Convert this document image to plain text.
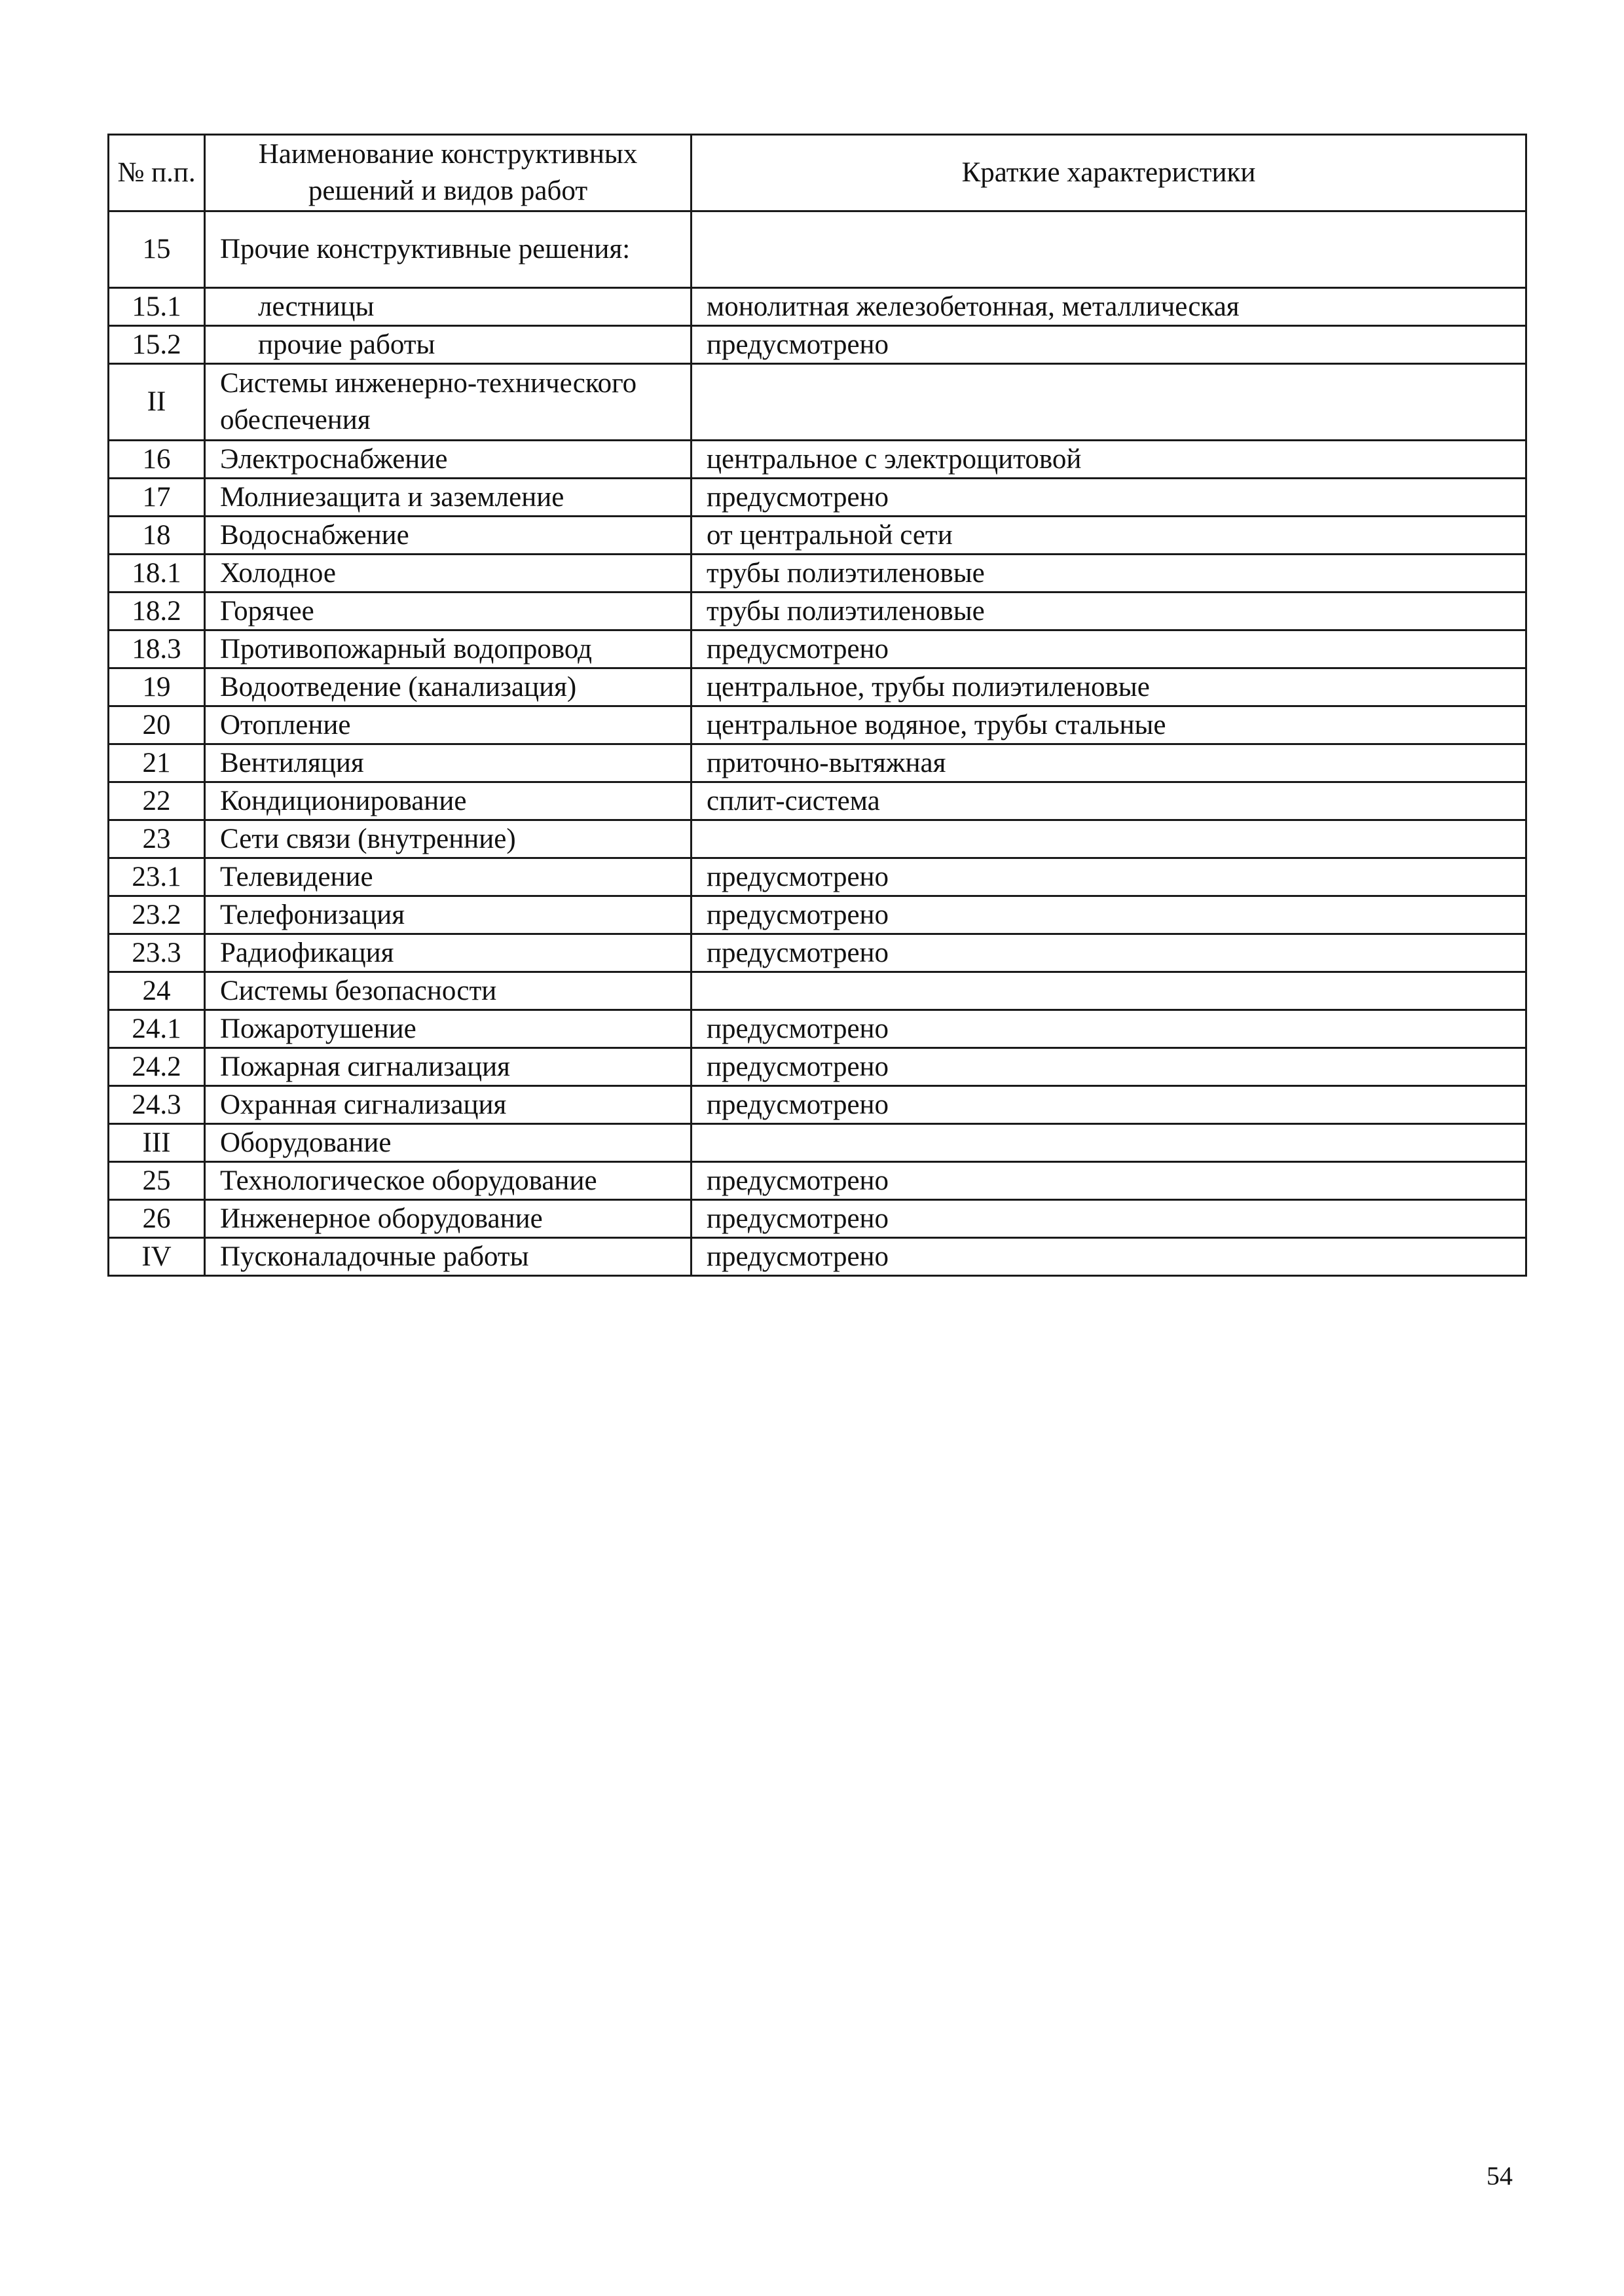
№ п.п.	Наименование конструктивных решений и видов работ	Краткие характеристики
15	Прочие конструктивные решения:	
15.1	лестницы	монолитная железобетонная, металлическая
15.2	прочие работы	предусмотрено
II	Системы инженерно-технического обеспечения	
16	Электроснабжение	центральное с электрощитовой
17	Молниезащита и заземление	предусмотрено
18	Водоснабжение	от центральной сети
18.1	Холодное	трубы полиэтиленовые
18.2	Горячее	трубы полиэтиленовые
18.3	Противопожарный водопровод	предусмотрено
19	Водоотведение (канализация)	центральное, трубы полиэтиленовые
20	Отопление	центральное водяное, трубы стальные
21	Вентиляция	приточно-вытяжная
22	Кондиционирование	сплит-система
23	Сети связи (внутренние)	
23.1	Телевидение	предусмотрено
23.2	Телефонизация	предусмотрено
23.3	Радиофикация	предусмотрено
24	Системы безопасности	
24.1	Пожаротушение	предусмотрено
24.2	Пожарная сигнализация	предусмотрено
24.3	Охранная сигнализация	предусмотрено
III	Оборудование	
25	Технологическое оборудование	предусмотрено
26	Инженерное оборудование	предусмотрено
IV	Пусконаладочные работы	предусмотрено
54
